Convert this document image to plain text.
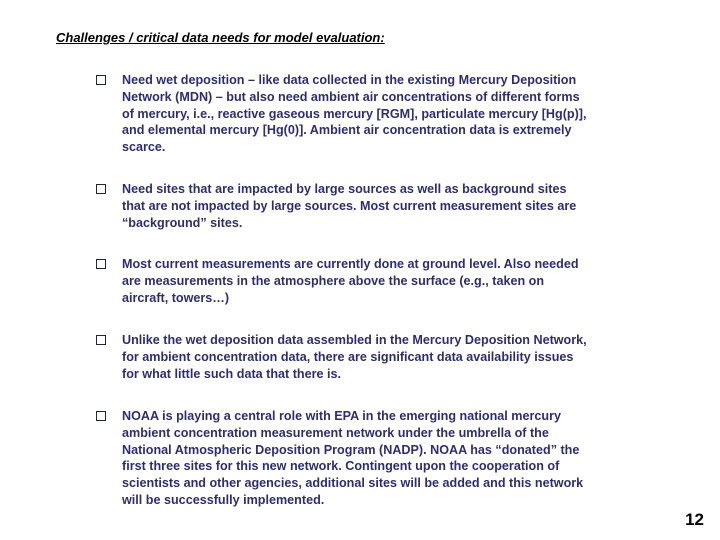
Challenges / critical data needs for model evaluation:
Need wet deposition – like data collected in the existing Mercury Deposition
Network (MDN) – but also need ambient air concentrations of different forms
of mercury, i.e., reactive gaseous mercury [RGM], particulate mercury [Hg(p)],
and elemental mercury [Hg(0)]. Ambient air concentration data is extremely
scarce.
Need sites that are impacted by large sources as well as background sites
that are not impacted by large sources. Most current measurement sites are
“background” sites.
Most current measurements are currently done at ground level. Also needed
are measurements in the atmosphere above the surface (e.g., taken on
aircraft, towers…)
Unlike the wet deposition data assembled in the Mercury Deposition Network,
for ambient concentration data, there are significant data availability issues
for what little such data that there is.
NOAA is playing a central role with EPA in the emerging national mercury
ambient concentration measurement network under the umbrella of the
National Atmospheric Deposition Program (NADP). NOAA has “donated” the
first three sites for this new network. Contingent upon the cooperation of
scientists and other agencies, additional sites will be added and this network
will be successfully implemented.
12
